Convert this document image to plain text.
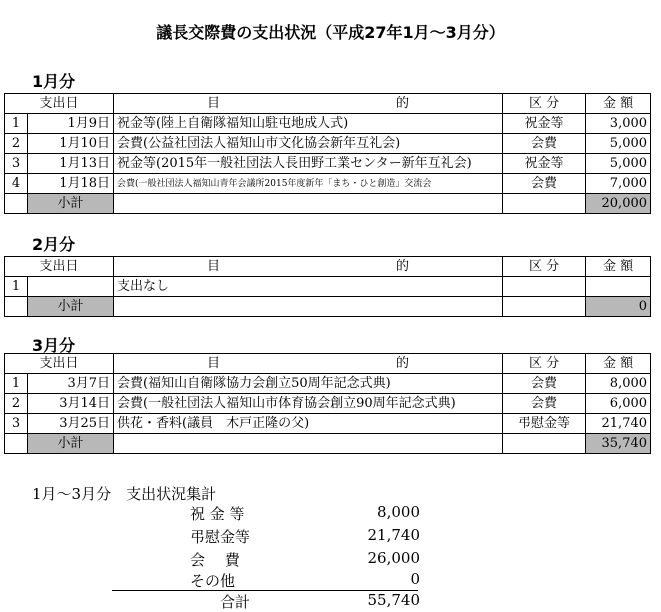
議長交際費の支出状況（平成27年1月～3月分）
1月分
支出日		目 的	区 分	金 額
1	1月9日	祝金等(陸上自衛隊福知山駐屯地成人式)	祝金等	3,000
2	1月10日	会費(公益社団法人福知山市文化協会新年互礼会)	会費	5,000
3	1月13日	祝金等(2015年一般社団法人長田野工業センター新年互礼会)	祝金等	5,000
4	1月18日	会費(一般社団法人福知山青年会議所2015年度新年「まち・ひと創造」交流会	会費	7,000
	小計			20,000
2月分
支出日		目 的	区 分	金 額
1		支出なし		
	小計			0
3月分
支出日		目 的	区 分	金 額
1	3月7日	会費(福知山自衛隊協力会創立50周年記念式典)	会費	8,000
2	3月14日	会費(一般社団法人福知山市体育協会創立90周年記念式典)	会費	6,000
3	3月25日	供花・香料(議員　木戸正隆の父)	弔慰金等	21,740
	小計			35,740
1月～3月分　支出状況集計
祝 金 等	8,000
弔慰金等	21,740
会　 費	26,000
その他	0
合計	55,740
